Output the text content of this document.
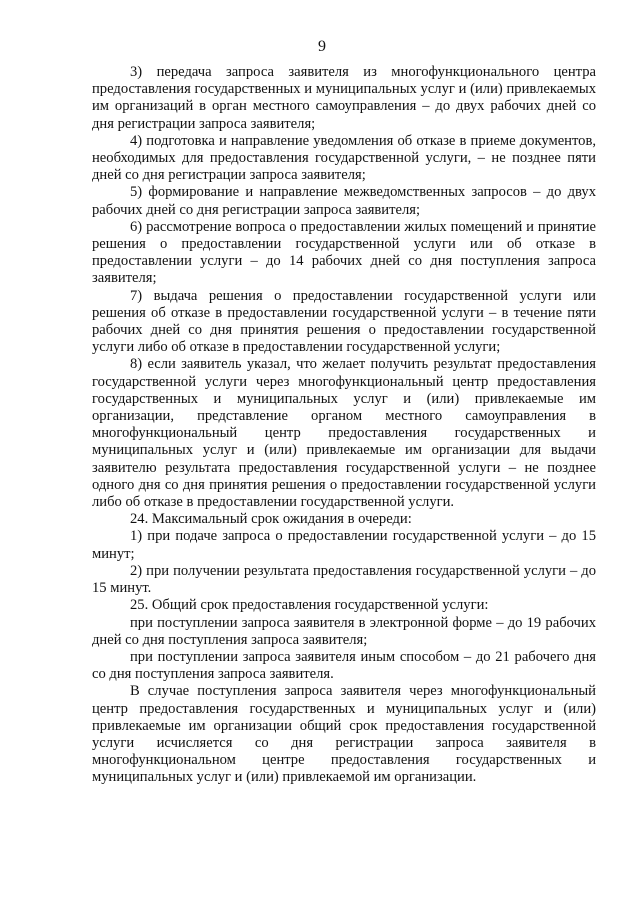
9

3) передача запроса заявителя из многофункционального центра предоставления государственных и муниципальных услуг и (или) привлекаемых им организаций в орган местного самоуправления – до двух рабочих дней со дня регистрации запроса заявителя;

4) подготовка и направление уведомления об отказе в приеме документов, необходимых для предоставления государственной услуги, – не позднее пяти дней со дня регистрации запроса заявителя;

5) формирование и направление межведомственных запросов – до двух рабочих дней со дня регистрации запроса заявителя;

6) рассмотрение вопроса о предоставлении жилых помещений и принятие решения о предоставлении государственной услуги или об отказе в предоставлении услуги – до 14 рабочих дней со дня поступления запроса заявителя;

7) выдача решения о предоставлении государственной услуги или решения об отказе в предоставлении государственной услуги – в течение пяти рабочих дней со дня принятия решения о предоставлении государственной услуги либо об отказе в предоставлении государственной услуги;

8) если заявитель указал, что желает получить результат предоставления государственной услуги через многофункциональный центр предоставления государственных и муниципальных услуг и (или) привлекаемые им организации, представление органом местного самоуправления в многофункциональный центр предоставления государственных и муниципальных услуг и (или) привлекаемые им организации для выдачи заявителю результата предоставления государственной услуги – не позднее одного дня со дня принятия решения о предоставлении государственной услуги либо об отказе в предоставлении государственной услуги.

24. Максимальный срок ожидания в очереди:

1) при подаче запроса о предоставлении государственной услуги – до 15 минут;

2) при получении результата предоставления государственной услуги – до 15 минут.

25. Общий срок предоставления государственной услуги:

при поступлении запроса заявителя в электронной форме – до 19 рабочих дней со дня поступления запроса заявителя;

при поступлении запроса заявителя иным способом – до 21 рабочего дня со дня поступления запроса заявителя.

В случае поступления запроса заявителя через многофункциональный центр предоставления государственных и муниципальных услуг и (или) привлекаемые им организации общий срок предоставления государственной услуги исчисляется со дня регистрации запроса заявителя в многофункциональном центре предоставления государственных и муниципальных услуг и (или) привлекаемой им организации.
